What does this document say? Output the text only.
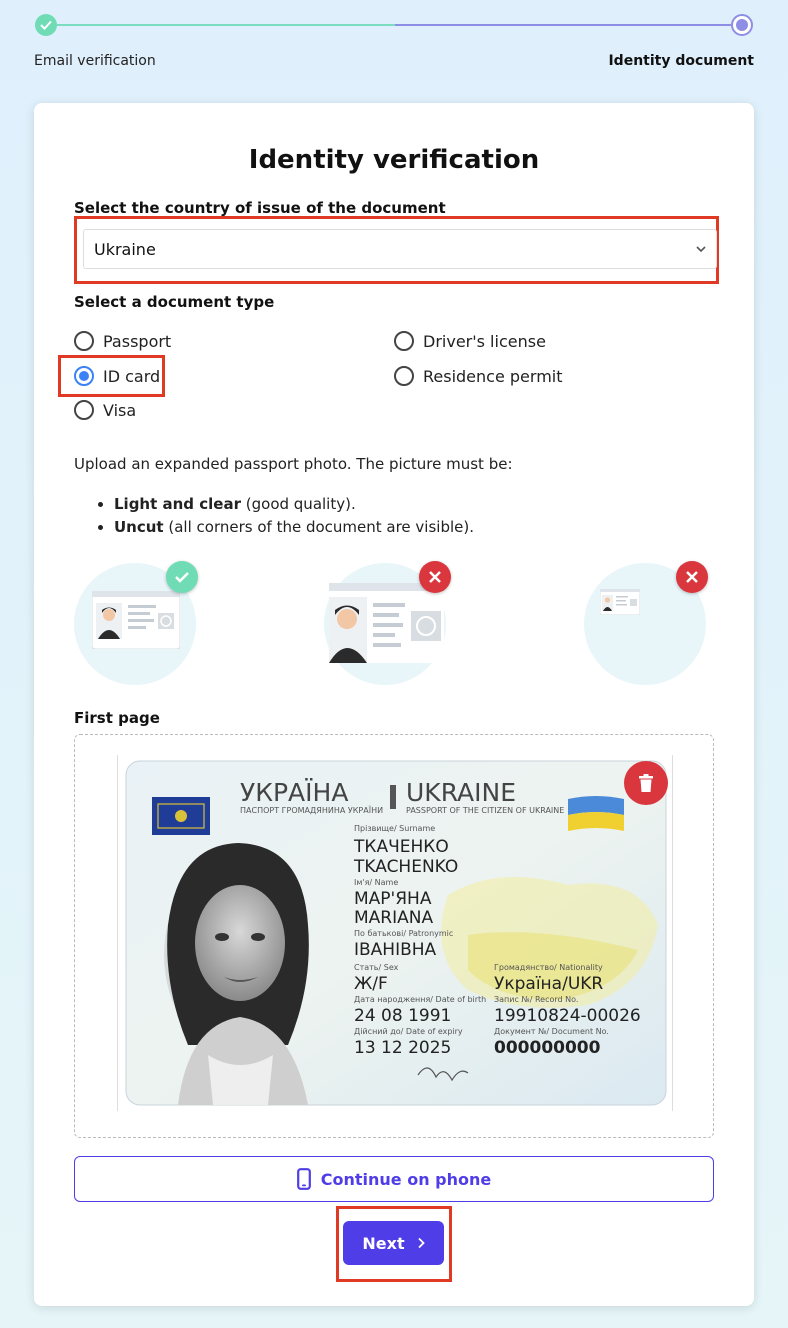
Email verification	Identity document
Identity verification
Select the country of issue of the document
Ukraine
Select a document type
Passport	Driver's license
ID card	Residence permit
Visa
Upload an expanded passport photo. The picture must be:
• Light and clear (good quality).
• Uncut (all corners of the document are visible).
First page
УКРАЇНА UKRAINE
ПАСПОРТ ГРОМАДЯНИНА УКРАЇНИ	PASSPORT OF THE CITIZEN OF UKRAINE
Прізвище/ Surname
ТКАЧЕНКО
TKACHENKO
Ім'я/ Name
МАР'ЯНА
MARIANA
По батькові/ Patronymic
ІВАНІВНА
Стать/ Sex
Ж/F
Громадянство/ Nationality
Україна/UKR
Дата народження/ Date of birth
24 08 1991
Запис №/ Record No.
19910824-00026
Дійсний до/ Date of expiry
13 12 2025
Документ №/ Document No.
000000000
Continue on phone
Next
